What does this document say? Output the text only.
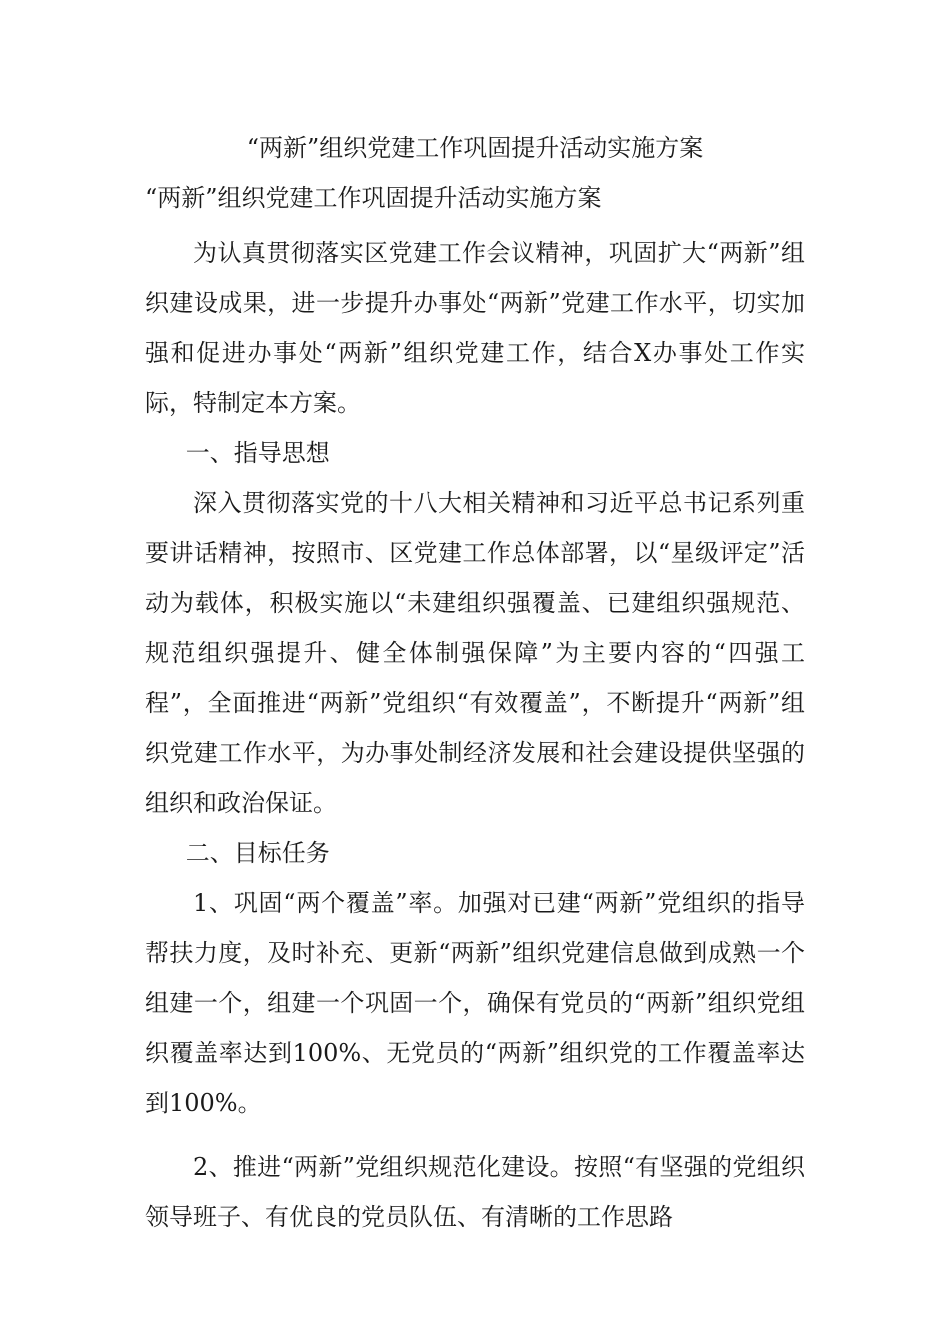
“两新”组织党建工作巩固提升活动实施方案
“两新”组织党建工作巩固提升活动实施方案

为认真贯彻落实区党建工作会议精神，巩固扩大“两新”组织建设成果，进一步提升办事处“两新”党建工作水平，切实加强和促进办事处“两新”组织党建工作，结合X办事处工作实际，特制定本方案。

一、指导思想

深入贯彻落实党的十八大相关精神和习近平总书记系列重要讲话精神，按照市、区党建工作总体部署，以“星级评定”活动为载体，积极实施以“未建组织强覆盖、已建组织强规范、规范组织强提升、健全体制强保障”为主要内容的“四强工程”，全面推进“两新”党组织“有效覆盖”，不断提升“两新”组织党建工作水平，为办事处制经济发展和社会建设提供坚强的组织和政治保证。

二、目标任务

1、巩固“两个覆盖”率。加强对已建“两新”党组织的指导帮扶力度，及时补充、更新“两新”组织党建信息做到成熟一个组建一个，组建一个巩固一个，确保有党员的“两新”组织党组织覆盖率达到100%、无党员的“两新”组织党的工作覆盖率达到100%。

2、推进“两新”党组织规范化建设。按照“有坚强的党组织领导班子、有优良的党员队伍、有清晰的工作思路
